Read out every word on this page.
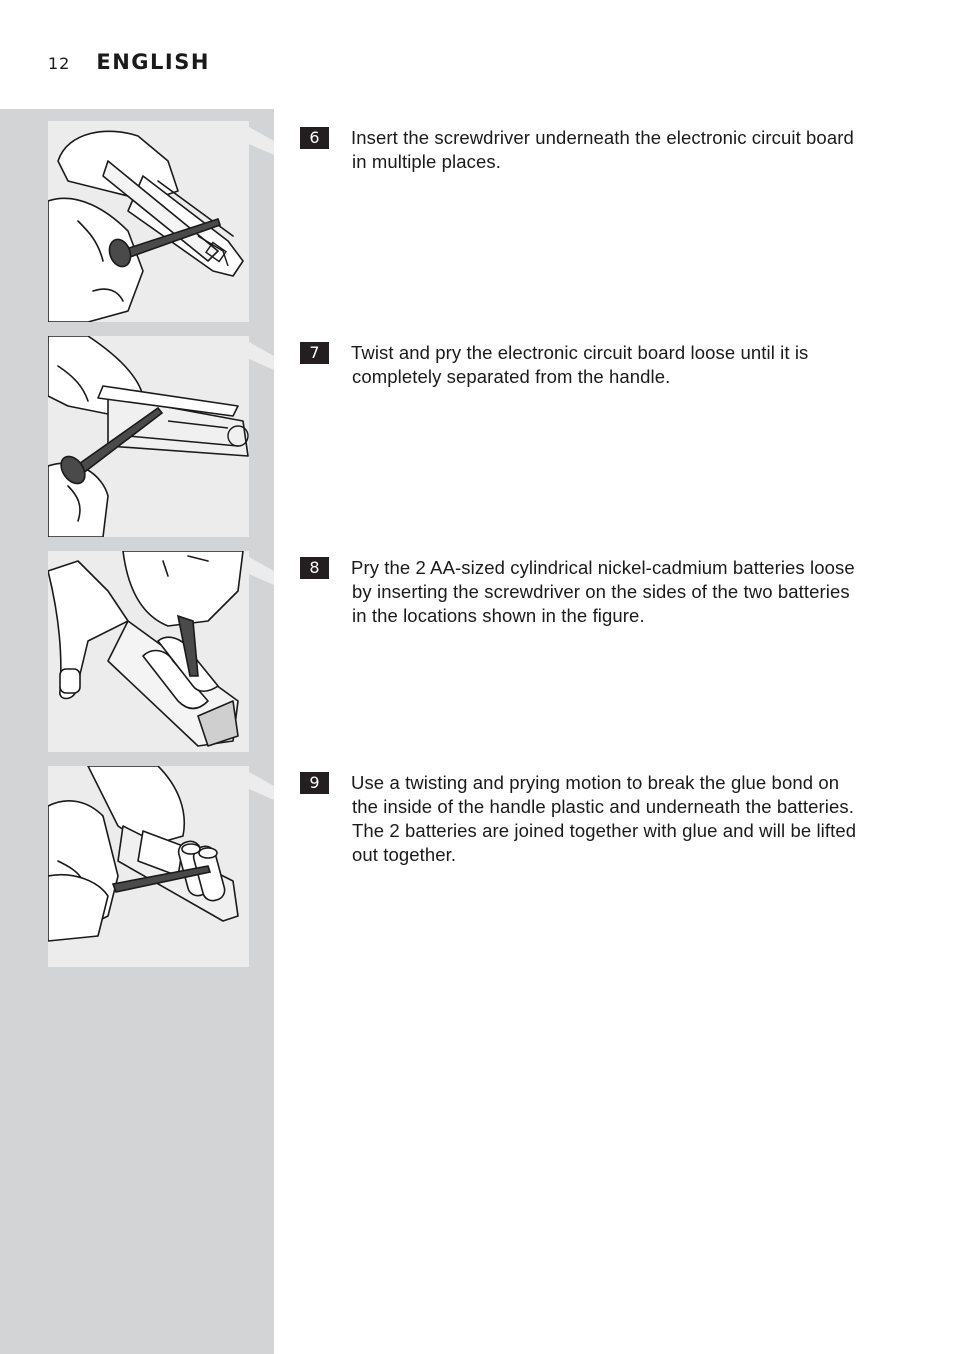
12 ENGLISH
6	Insert the screwdriver underneath the electronic circuit board
in multiple places.
7	Twist and pry the electronic circuit board loose until it is
completely separated from the handle.
8	Pry the 2 AA-sized cylindrical nickel-cadmium batteries loose
by inserting the screwdriver on the sides of the two batteries
in the locations shown in the figure.
9	Use a twisting and prying motion to break the glue bond on
the inside of the handle plastic and underneath the batteries.
The 2 batteries are joined together with glue and will be lifted
out together.
